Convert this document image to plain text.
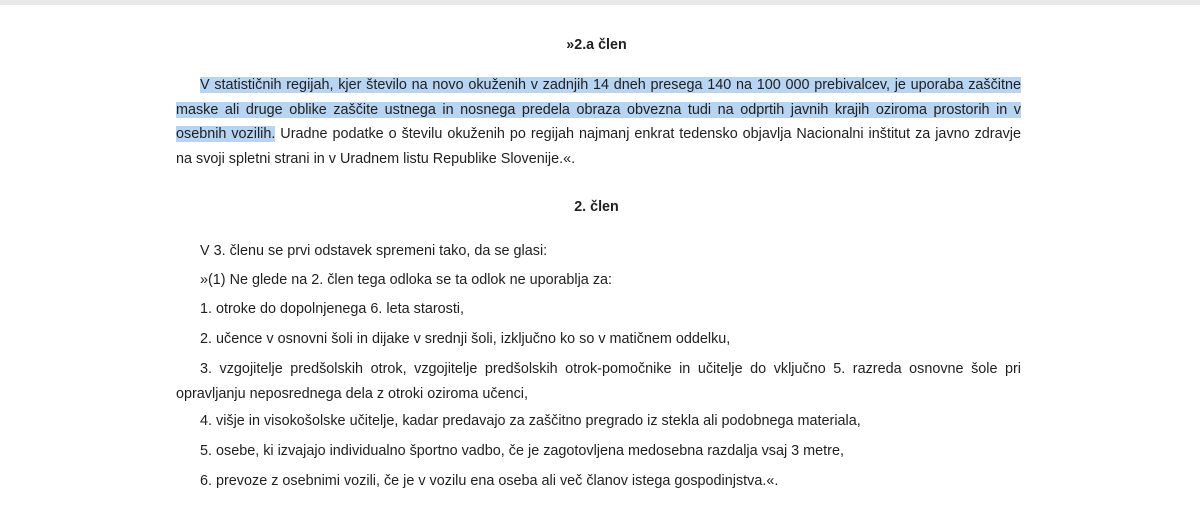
»2.a člen
V statističnih regijah, kjer število na novo okuženih v zadnjih 14 dneh presega 140 na 100 000 prebivalcev, je uporaba zaščitne maske ali druge oblike zaščite ustnega in nosnega predela obraza obvezna tudi na odprtih javnih krajih oziroma prostorih in v osebnih vozilih. Uradne podatke o številu okuženih po regijah najmanj enkrat tedensko objavlja Nacionalni inštitut za javno zdravje na svoji spletni strani in v Uradnem listu Republike Slovenije.«.
2. člen
V 3. členu se prvi odstavek spremeni tako, da se glasi:
»(1) Ne glede na 2. člen tega odloka se ta odlok ne uporablja za:
1. otroke do dopolnjenega 6. leta starosti,
2. učence v osnovni šoli in dijake v srednji šoli, izključno ko so v matičnem oddelku,
3. vzgojitelje predšolskih otrok, vzgojitelje predšolskih otrok-pomočnike in učitelje do vključno 5. razreda osnovne šole pri opravljanju neposrednega dela z otroki oziroma učenci,
4. višje in visokošolske učitelje, kadar predavajo za zaščitno pregrado iz stekla ali podobnega materiala,
5. osebe, ki izvajajo individualno športno vadbo, če je zagotovljena medosebna razdalja vsaj 3 metre,
6. prevoze z osebnimi vozili, če je v vozilu ena oseba ali več članov istega gospodinjstva.«.
